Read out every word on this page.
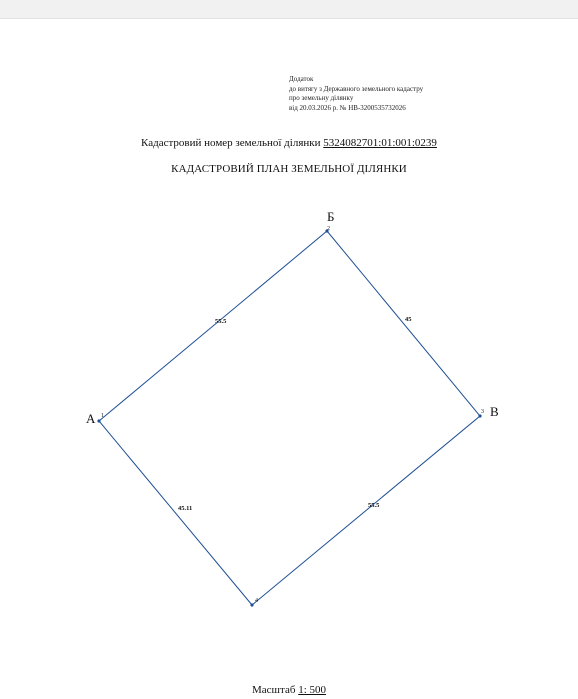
Додаток
до витягу з Державного земельного кадастру
про земельну ділянку
від 20.03.2026 р. № НВ-3200535732026
Кадастровий номер земельної ділянки 5324082701:01:001:0239
КАДАСТРОВИЙ ПЛАН ЗЕМЕЛЬНОЇ ДІЛЯНКИ
А
Б
В
1
2
3
4
55.5	45
55.5
45.11
Масштаб 1: 500
